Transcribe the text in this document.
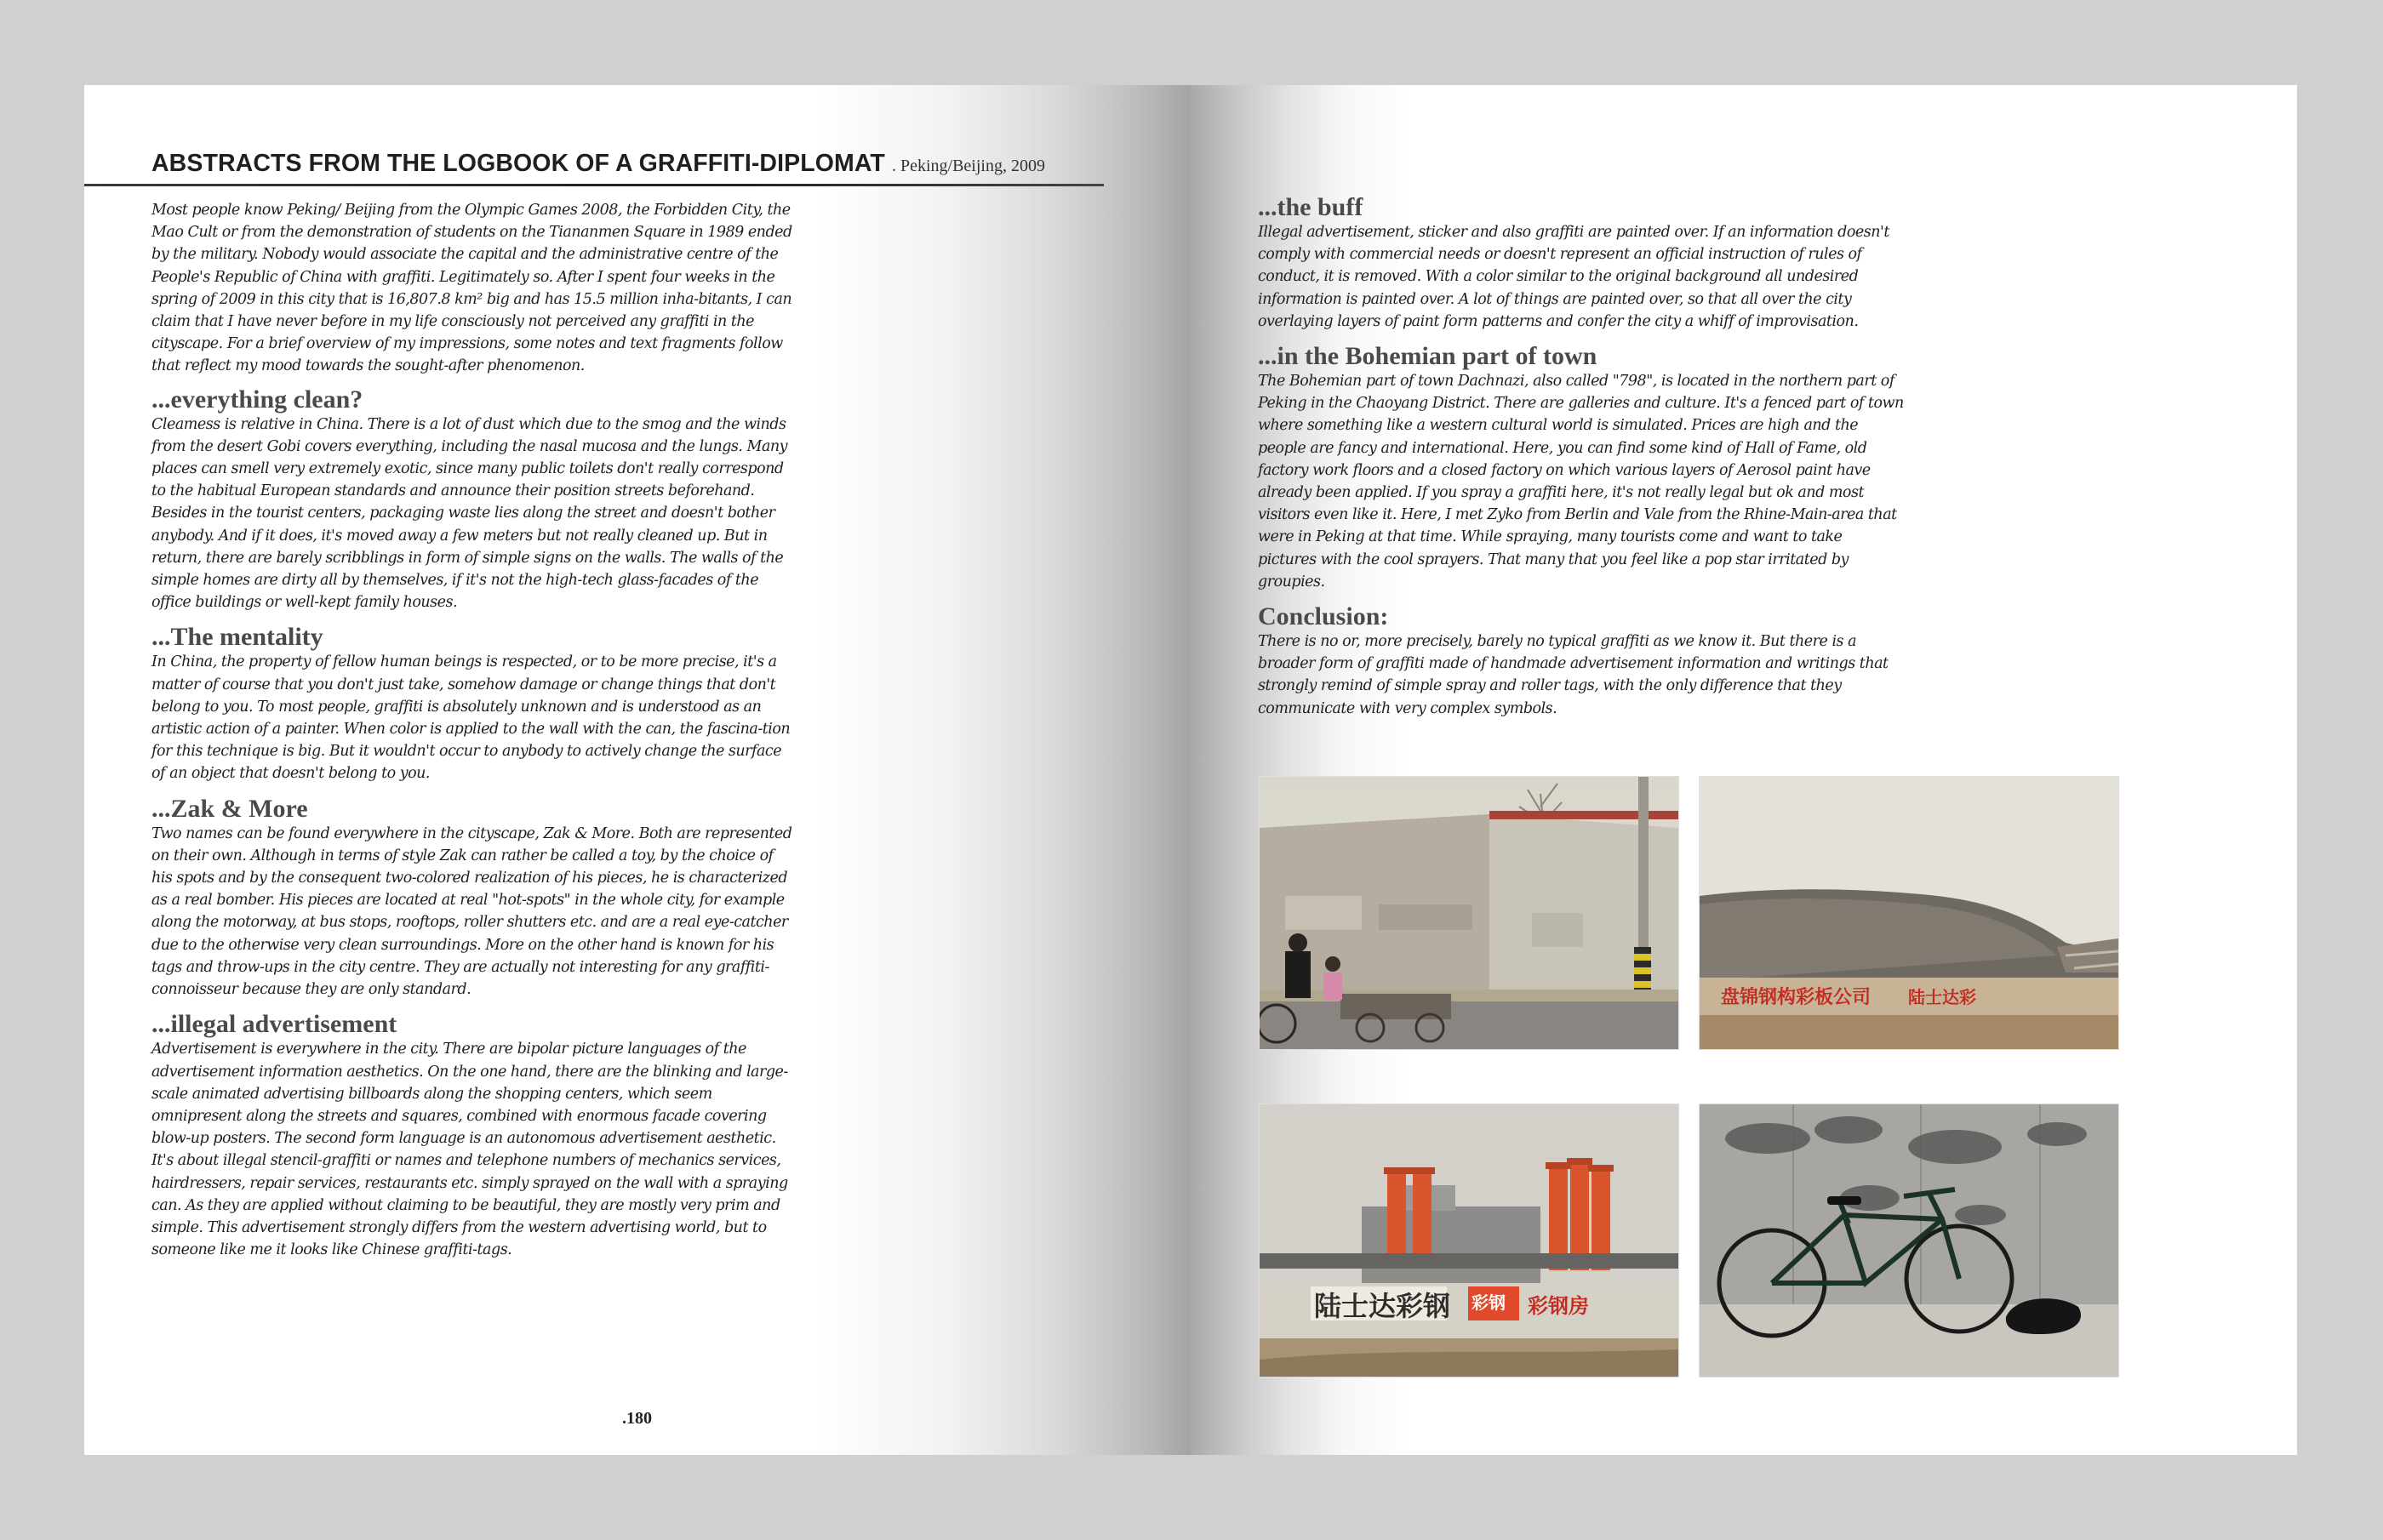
ABSTRACTS FROM THE LOGBOOK OF A GRAFFITI-DIPLOMAT . Peking/Beijing, 2009

Most people know Peking/ Beijing from the Olympic Games 2008, the Forbidden City, the Mao Cult or from the demonstration of students on the Tiananmen Square in 1989 ended by the military. Nobody would associate the capital and the administrative centre of the People's Republic of China with graffiti. Legitimately so. After I spent four weeks in the spring of 2009 in this city that is 16,807.8 km² big and has 15.5 million inha-bitants, I can claim that I have never before in my life consciously not perceived any graffiti in the cityscape. For a brief overview of my impressions, some notes and text fragments follow that reflect my mood towards the sought-after phenomenon.

...everything clean?

Cleamess is relative in China. There is a lot of dust which due to the smog and the winds from the desert Gobi covers everything, including the nasal mucosa and the lungs. Many places can smell very extremely exotic, since many public toilets don't really correspond to the habitual European standards and announce their position streets beforehand. Besides in the tourist centers, packaging waste lies along the street and doesn't bother anybody. And if it does, it's moved away a few meters but not really cleaned up. But in return, there are barely scribblings in form of simple signs on the walls. The walls of the simple homes are dirty all by themselves, if it's not the high-tech glass-facades of the office buildings or well-kept family houses.

...The mentality

In China, the property of fellow human beings is respected, or to be more precise, it's a matter of course that you don't just take, somehow damage or change things that don't belong to you. To most people, graffiti is absolutely unknown and is understood as an artistic action of a painter. When color is applied to the wall with the can, the fascina-tion for this technique is big. But it wouldn't occur to anybody to actively change the surface of an object that doesn't belong to you.

...Zak & More

Two names can be found everywhere in the cityscape, Zak & More. Both are represented on their own. Although in terms of style Zak can rather be called a toy, by the choice of his spots and by the consequent two-colored realization of his pieces, he is characterized as a real bomber. His pieces are located at real "hot-spots" in the whole city, for example along the motorway, at bus stops, rooftops, roller shutters etc. and are a real eye-catcher due to the otherwise very clean surroundings. More on the other hand is known for his tags and throw-ups in the city centre. They are actually not interesting for any graffiti-connoisseur because they are only standard.

...illegal advertisement

Advertisement is everywhere in the city. There are bipolar picture languages of the advertisement information aesthetics. On the one hand, there are the blinking and large-scale animated advertising billboards along the shopping centers, which seem omnipresent along the streets and squares, combined with enormous facade covering blow-up posters. The second form language is an autonomous advertisement aesthetic. It's about illegal stencil-graffiti or names and telephone numbers of mechanics services, hairdressers, repair services, restaurants etc. simply sprayed on the wall with a spraying can. As they are applied without claiming to be beautiful, they are mostly very prim and simple. This advertisement strongly differs from the western advertising world, but to someone like me it looks like Chinese graffiti-tags.

.180
...the buff

Illegal advertisement, sticker and also graffiti are painted over. If an information doesn't comply with commercial needs or doesn't represent an official instruction of rules of conduct, it is removed. With a color similar to the original background all undesired information is painted over. A lot of things are painted over, so that all over the city overlaying layers of paint form patterns and confer the city a whiff of improvisation.

...in the Bohemian part of town

The Bohemian part of town Dachnazi, also called "798", is located in the northern part of Peking in the Chaoyang District. There are galleries and culture. It's a fenced part of town where something like a western cultural world is simulated. Prices are high and the people are fancy and international. Here, you can find some kind of Hall of Fame, old factory work floors and a closed factory on which various layers of Aerosol paint have already been applied. If you spray a graffiti here, it's not really legal but ok and most visitors even like it. Here, I met Zyko from Berlin and Vale from the Rhine-Main-area that were in Peking at that time. While spraying, many tourists come and want to take pictures with the cool sprayers. That many that you feel like a pop star irritated by groupies.

Conclusion:

There is no or, more precisely, barely no typical graffiti as we know it. But there is a broader form of graffiti made of handmade advertisement information and writings that strongly remind of simple spray and roller tags, with the only difference that they communicate with very complex symbols.

盘锦钢构彩板公司 陆士达彩
陆士达彩钢 彩钢 彩钢房
